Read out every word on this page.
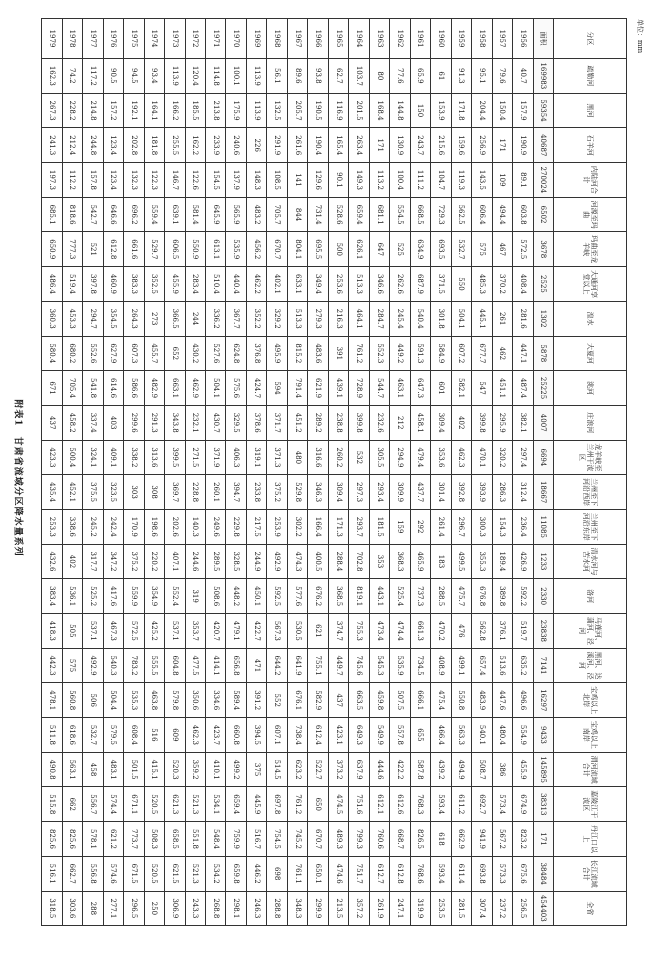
附表1　甘肃省流域分区降水量系列
单位：mm
分区	疏勒河	黑河	石羊河	内陆河合计	河源至玛曲	玛曲至龙羊峡	大通河享堂以上	湟水	大夏河	洮河	庄浪河	龙羊峡至兰州干流区	兰州至下河沿西岸	兰州至下河沿东岸	清水河与苦水河	洛河	马莲河、蒲河、泾河	黑河、达溪河、泾河	宝鸡以上北岸	宝鸡以上南岸	渭河流域合计	嘉陵江干流区	丹江口以上	长江流域合计	全省
面积	169983	59354	40687	270024	6502	3678	2525	1302	5878	25225	4007	6694	18667	11085	1233	2330	23838	7141	16297	9433	145895	38313	171	38484	454403
1956	40.7	157.9	190.9	89.1	603.8	572.5	408.4	281.6	447.1	487.4	382.1	297.4	312.4	236.4	426.9	592.2	519.7	635.2	496.6	554.9	455.9	674.9	823.2	675.6	256.5
1957	79.6	150.4	171	109	494.4	467	370.2	261	462	451.1	295.9	320.2	286.3	154.3	189.4	389.8	376.1	513.6	447.6	480.4	386	573.4	567.2	573.3	237.2
1958	95.1	204.4	256.9	143.5	606.4	575	485.3	445.1	677.7	547	399.8	470.1	393.9	300.3	355.3	676.8	562.8	657.4	483.9	540.1	508.7	692.7	941.9	693.8	307.4
1959	91.3	171.8	159.6	119.3	562.5	532.7	550	504.1	607.2	582.1	402	462.3	392.8	296.7	499.5	475.7	476	499.1	550.8	563.3	494.9	611.2	662.9	611.4	281.5
1960	61	153.9	215.6	104.7	729.3	693.5	371.5	301.8	584.9	601	309.4	353.6	301.4	261.4	183	288.5	470.2	408.9	475.4	466.4	439.2	593.4	618	593.4	253.5
1961	65.9	150	243.7	111.2	668.5	634.9	687.9	540.4	591.3	647.3	458.1	479.4	437.7	292	465.9	737.3	661.3	734.5	666.1	655	587.8	768.3	826.5	768.6	319.9
1962	77.6	144.8	130.9	100.4	554.5	525	262.6	245.4	449.2	463.1	212	294.9	309.9	159	368.3	525.4	474.4	535.9	507.5	557.8	422.2	612.6	668.7	612.8	247.1
1963	80	168.4	171	113.2	681.1	647	346.6	284.7	552.3	544.7	232.6	305.5	293.4	181.5	353	443.1	473.4	545.3	459.8	549.9	444.6	612.1	760.6	612.7	261.9
1964	103.7	201.5	263.4	149.3	659.4	626.1	513.3	464.1	761.2	728.9	399.8	532	297.3	293.7	702.8	819.1	755.3	745.6	663.5	649.3	637.9	751.6	799.3	751.7	357.2
1965	62.7	116.9	165.4	90.1	528.6	500	253.6	216.3	391	439.1	238.8	260.2	309.4	171.3	288.4	368.5	374.7	449.7	437	423.1	373.2	474.5	489.3	474.6	213.5
1966	93.8	190.5	190.4	129.6	731.4	695.5	349.4	279.3	483.6	621.9	289.2	316.6	346.3	166.4	400.5	676.2	621	755.1	582.9	612.4	522.7	650	670.7	650.1	299.9
1967	89.6	205.7	261.6	141	844	804.1	633.1	513.3	815.2	791.4	451.2	480	529.8	302.2	474.3	577.6	530.5	641.9	676.1	738.4	623.2	761.2	745.2	761.1	348.3
1968	56.1	132.5	291.9	108.5	705.7	670.7	402.1	329.2	495.9	594	371.7	371.3	375.2	253.9	492.9	592.5	567.3	644.2	552	607.1	514.5	697.8	754.5	698	288.8
1969	113.9	113.9	226	148.3	483.2	456.2	462.2	352.2	376.8	424.7	378.6	319.1	233.8	217.5	244.9	450.1	422.7	471	391.2	394.5	375	445.9	516.7	446.2	246.3
1970	100.1	175.9	240.6	137.9	565.9	535.9	440.4	367.7	624.8	575.6	329.5	406.3	394.7	229.8	328.5	448.2	479.1	656.8	589.4	660.8	499.2	659.4	759.9	659.8	298.1
1971	114.8	213.8	233.9	154.5	645.9	613.1	510.4	336.2	527.6	504.1	430.7	371.9	260.1	249.6	289.5	508.6	420.7	414.1	334.6	423.7	410.1	534.1	548.4	534.2	268.8
1972	120.4	185.5	162.2	122.6	581.4	550.9	283.4	244	430.2	462.9	232.1	271.5	228.8	140.3	244.6	319	353.7	477.5	350.6	462.3	359.2	521.3	551.8	521.3	243.3
1973	113.9	166.2	255.5	146.7	639.1	606.5	455.9	366.5	652	663.1	343.8	399.5	369.7	202.6	407.1	552.4	537.1	604.8	579.8	609	520.3	621.3	658.5	621.5	306.9
1974	93.4	164.1	181.8	122.3	559.4	529.7	352.5	273	455.7	482.9	291.3	313.6	308	198.6	220.2	354.9	425.2	555.5	463.8	516	415.1	520.5	508.3	520.5	250
1975	94.5	192.1	202.8	132.3	696.2	661.6	383.3	264.3	607.3	586.6	299.6	338.2	303	170.9	375.2	559.9	572.5	783.2	535.3	608.4	501.5	671.1	773.7	671.5	296.5
1976	90.5	157.2	123.4	123.4	646.6	612.8	460.9	354.5	627.9	614.6	403	409.1	323.5	242.4	347.2	417.6	467.3	540.3	504.4	579.5	483.1	574.4	621.2	574.6	277.1
1977	117.2	214.8	244.8	157.8	542.7	521	397.8	294.7	552.6	541.8	337.4	324.1	375.5	245.2	317.7	525.2	537.1	492.9	506	532.7	458	556.7	578.1	556.8	288
1978	74.2	228.2	212.4	112.2	818.6	777.3	519.4	453.3	680.2	705.4	458.2	500.4	452.1	338.6	402	536.1	505	575	560.8	618.6	563.1	662	825.6	662.7	303.6
1979	162.3	267.3	241.3	197.3	685.1	650.9	486.4	360.3	580.4	671	437	423.3	435.4	253.3	432.6	383.4	418.3	442.3	478.1	511.8	490.8	515.8	825.6	516.1	318.5
